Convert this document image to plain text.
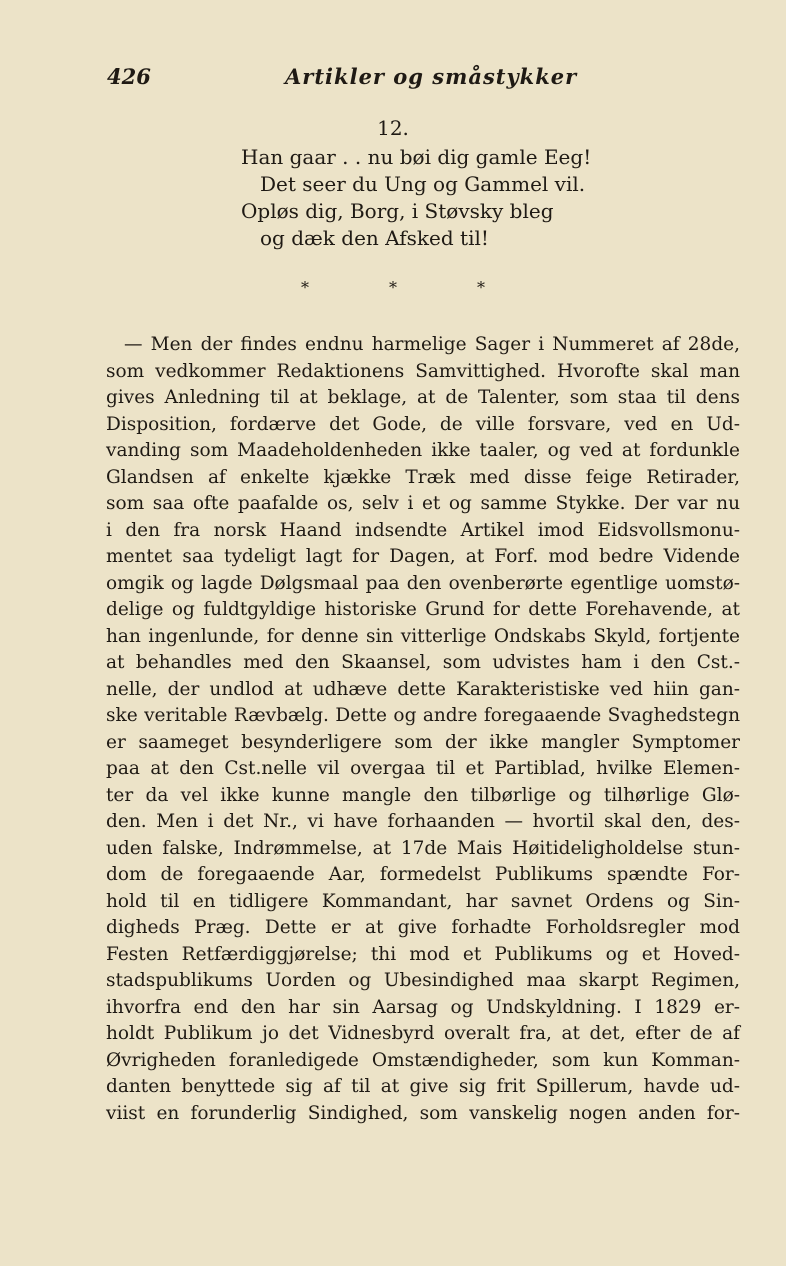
426	Artikler og småstykker
12.
Han gaar . . nu bøi dig gamle Eeg!
Det seer du Ung og Gammel vil.
Opløs dig, Borg, i Støvsky bleg
og dæk den Afsked til!
*	*	*
— Men der findes endnu harmelige Sager i Nummeret af 28de,
som vedkommer Redaktionens Samvittighed. Hvorofte skal man
gives Anledning til at beklage, at de Talenter, som staa til dens
Disposition, fordærve det Gode, de ville forsvare, ved en Ud-
vanding som Maadeholdenheden ikke taaler, og ved at fordunkle
Glandsen af enkelte kjække Træk med disse feige Retirader,
som saa ofte paafalde os, selv i et og samme Stykke. Der var nu
i den fra norsk Haand indsendte Artikel imod Eidsvollsmonu-
mentet saa tydeligt lagt for Dagen, at Forf. mod bedre Vidende
omgik og lagde Dølgsmaal paa den ovenberørte egentlige uomstø-
delige og fuldtgyldige historiske Grund for dette Forehavende, at
han ingenlunde, for denne sin vitterlige Ondskabs Skyld, fortjente
at behandles med den Skaansel, som udvistes ham i den Cst.-
nelle, der undlod at udhæve dette Karakteristiske ved hiin gan-
ske veritable Rævbælg. Dette og andre foregaaende Svaghedstegn
er saameget besynderligere som der ikke mangler Symptomer
paa at den Cst.nelle vil overgaa til et Partiblad, hvilke Elemen-
ter da vel ikke kunne mangle den tilbørlige og tilhørlige Glø-
den. Men i det Nr., vi have forhaanden — hvortil skal den, des-
uden falske, Indrømmelse, at 17de Mais Høitideligholdelse stun-
dom de foregaaende Aar, formedelst Publikums spændte For-
hold til en tidligere Kommandant, har savnet Ordens og Sin-
digheds Præg. Dette er at give forhadte Forholdsregler mod
Festen Retfærdiggjørelse; thi mod et Publikums og et Hoved-
stadspublikums Uorden og Ubesindighed maa skarpt Regimen,
ihvorfra end den har sin Aarsag og Undskyldning. I 1829 er-
holdt Publikum jo det Vidnesbyrd overalt fra, at det, efter de af
Øvrigheden foranledigede Omstændigheder, som kun Komman-
danten benyttede sig af til at give sig frit Spillerum, havde ud-
viist en forunderlig Sindighed, som vanskelig nogen anden for-
